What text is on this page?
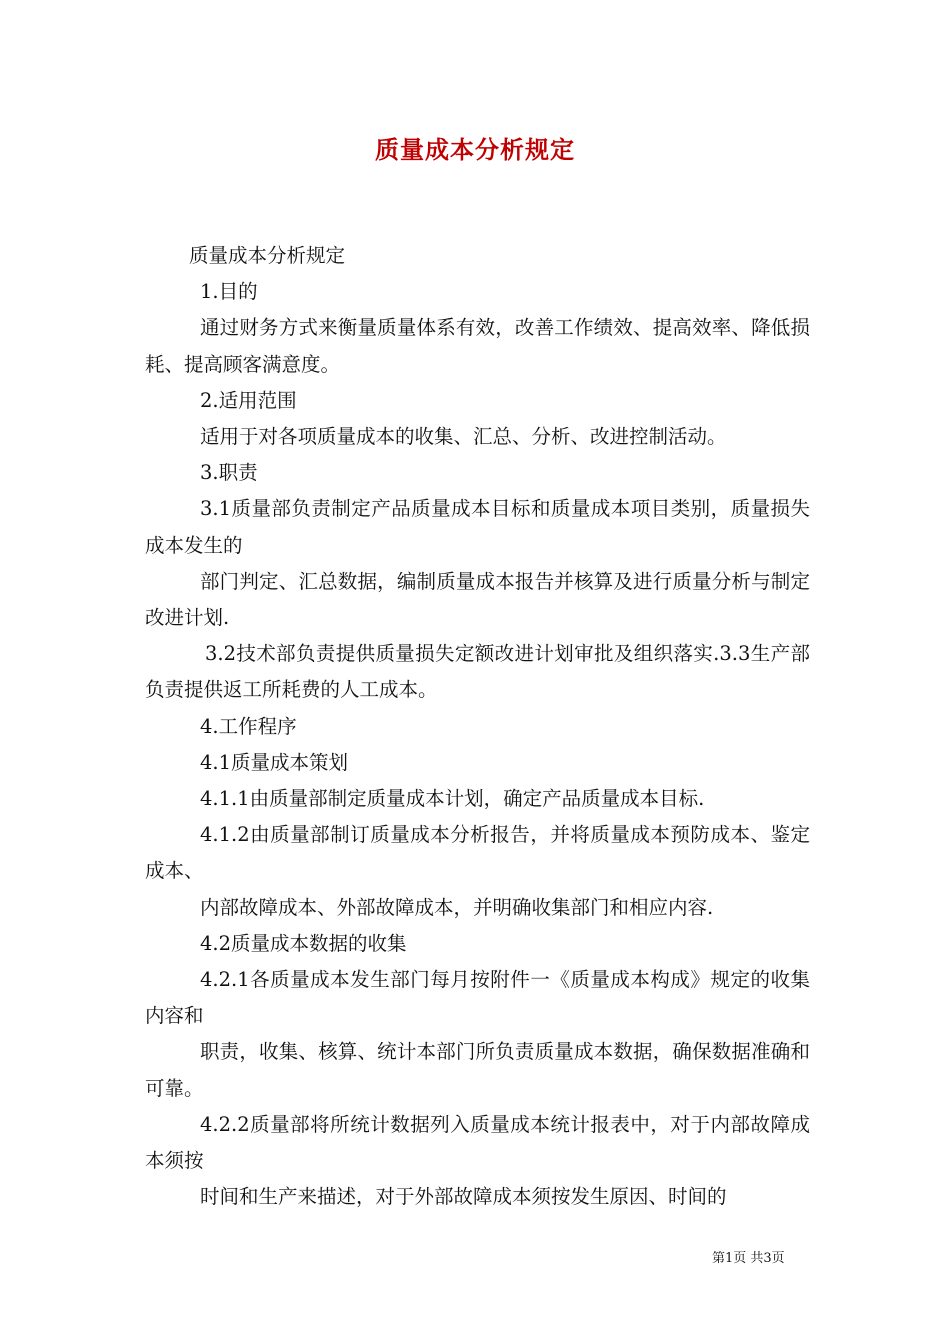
质量成本分析规定

质量成本分析规定

1.目的

通过财务方式来衡量质量体系有效，改善工作绩效、提高效率、降低损耗、提高顾客满意度。

2.适用范围

适用于对各项质量成本的收集、汇总、分析、改进控制活动。

3.职责

3.1质量部负责制定产品质量成本目标和质量成本项目类别，质量损失成本发生的

部门判定、汇总数据，编制质量成本报告并核算及进行质量分析与制定改进计划.

3.2技术部负责提供质量损失定额改进计划审批及组织落实.3.3生产部负责提供返工所耗费的人工成本。

4.工作程序

4.1质量成本策划

4.1.1由质量部制定质量成本计划，确定产品质量成本目标.

4.1.2由质量部制订质量成本分析报告，并将质量成本预防成本、鉴定成本、

内部故障成本、外部故障成本，并明确收集部门和相应内容.

4.2质量成本数据的收集

4.2.1各质量成本发生部门每月按附件一《质量成本构成》规定的收集内容和

职责，收集、核算、统计本部门所负责质量成本数据，确保数据准确和可靠。

4.2.2质量部将所统计数据列入质量成本统计报表中，对于内部故障成本须按

时间和生产来描述，对于外部故障成本须按发生原因、时间的

第1页 共3页
